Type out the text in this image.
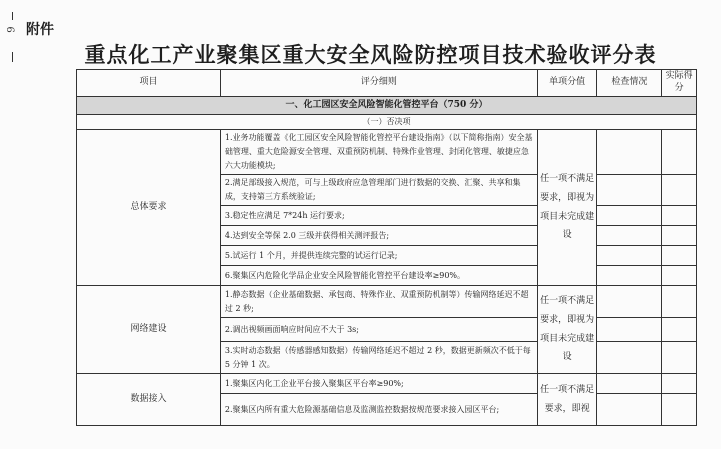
9 附件
重点化工产业聚集区重大安全风险防控项目技术验收评分表
项目	评分细则	单项分值	检查情况	实际得分
一、化工园区安全风险智能化管控平台（750 分）				
（一）否决项				
总体要求	1.业务功能覆盖《化工园区安全风险智能化管控平台建设指南》（以下简称指南）安全基础管理、重大危险源安全管理、双重预防机制、特殊作业管理、封闭化管理、敏捷应急六大功能模块;	任一项不满足要求，即视为项目未完成建设		
	2.满足部级接入规范，可与上级政府应急管理部门进行数据的交换、汇聚、共享和集成，支持第三方系统验证;			
	3.稳定性应满足 7*24h 运行要求;			
	4.达到安全等保 2.0 三级并获得相关测评报告;			
	5.试运行 1 个月，并提供连续完整的试运行记录;			
	6.聚集区内危险化学品企业安全风险智能化管控平台建设率≥90%。			
网络建设	1.静态数据（企业基础数据、承包商、特殊作业、双重预防机制等）传输网络延迟不超过 2 秒;	任一项不满足要求，即视为项目未完成建设		
	2.调出视频画面响应时间应不大于 3s;			
	3.实时动态数据（传感器感知数据）传输网络延迟不超过 2 秒，数据更新频次不低于每 5 分钟 1 次。			
数据接入	1.聚集区内化工企业平台接入聚集区平台率≥90%;	任一项不满足要求，即视		
	2.聚集区内所有重大危险源基础信息及监测监控数据按规范要求接入园区平台;			
